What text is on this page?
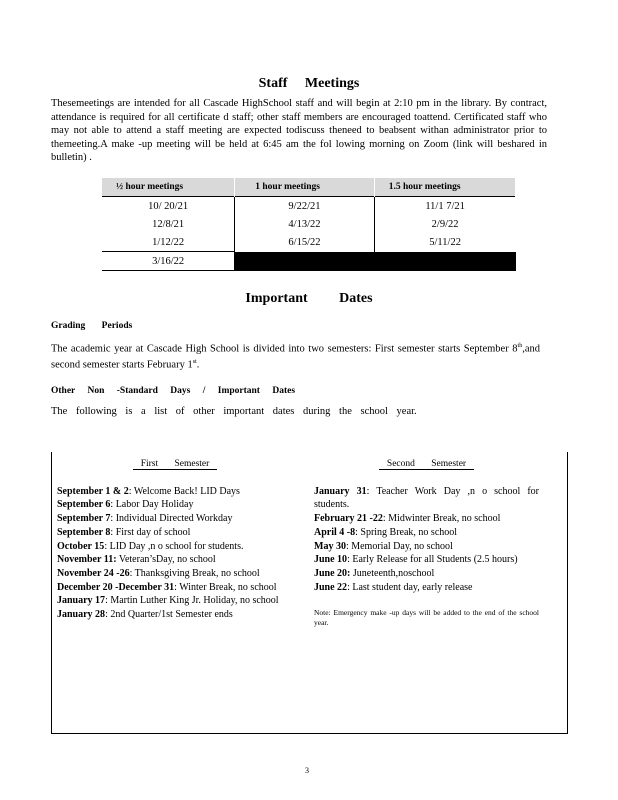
Staff Meetings
Thesemeetings are intended for all Cascade HighSchool staff and will begin at 2:10 pm in the library. By contract, attendance is required for all certificate d staff; other staff members are encouraged toattend. Certificated staff who may not able to attend a staff meeting are expected todiscuss theneed to beabsent withan administrator prior to themeeting.A make -up meeting will be held at 6:45 am the fol lowing morning on Zoom (link will beshared in bulletin) .
½ hour meetings	1 hour meetings	1.5 hour meetings
10/ 20/21	9/22/21	11/1 7/21
12/8/21	4/13/22	2/9/22
1/12/22	6/15/22	5/11/22
3/16/22		
Important Dates
Grading Periods
The academic year at Cascade High School is divided into two semesters: First semester starts September 8th,and second semester starts February 1st.
Other Non -Standard Days / Important Dates
The following is a list of other important dates during the school year.
First Semester
September 1 & 2: Welcome Back! LID Days
September 6: Labor Day Holiday
September 7: Individual Directed Workday
September 8: First day of school
October 15: LID Day ,n o school for students.
November 11: Veteran’sDay, no school
November 24 -26: Thanksgiving Break, no school
December 20 -December 31: Winter Break, no school
January 17: Martin Luther King Jr. Holiday, no school
January 28: 2nd Quarter/1st Semester ends
Second Semester
January 31: Teacher Work Day ,n o school for students.
February 21 -22: Midwinter Break, no school
April 4 -8: Spring Break, no school
May 30: Memorial Day, no school
June 10: Early Release for all Students (2.5 hours)
June 20: Juneteenth,noschool
June 22: Last student day, early release
Note: Emergency make -up days will be added to the end of the school year.
3
